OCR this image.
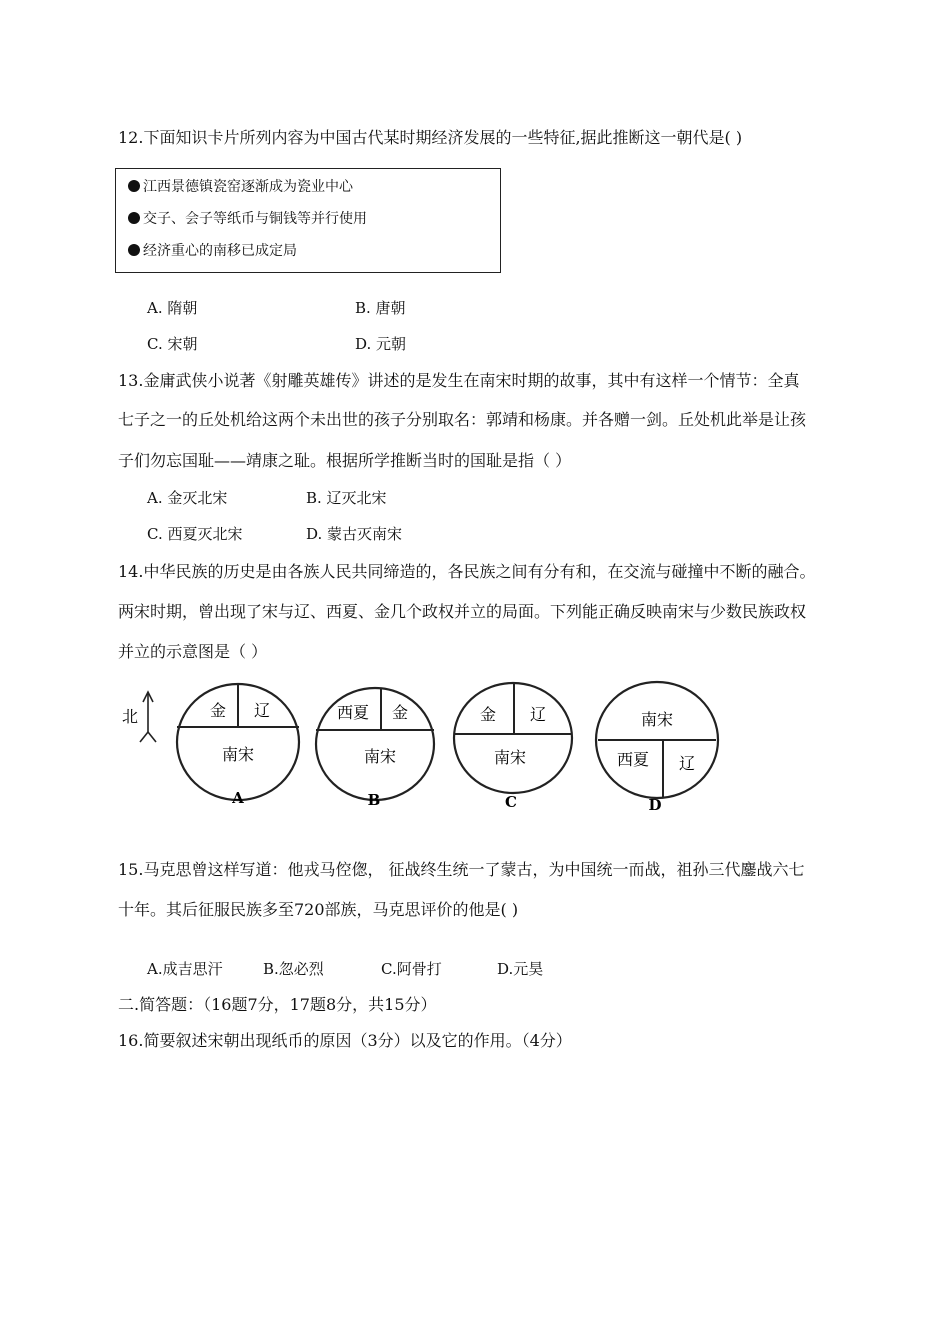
12.下面知识卡片所列内容为中国古代某时期经济发展的一些特征,据此推断这一朝代是( )
江西景德镇瓷窑逐渐成为瓷业中心
交子、会子等纸币与铜钱等并行使用
经济重心的南移已成定局
A. 隋朝	B. 唐朝
C. 宋朝	D. 元朝
13.金庸武侠小说著《射雕英雄传》讲述的是发生在南宋时期的故事，其中有这样一个情节：全真
七子之一的丘处机给这两个未出世的孩子分别取名：郭靖和杨康。并各赠一剑。丘处机此举是让孩
子们勿忘国耻——靖康之耻。根据所学推断当时的国耻是指（ ）
A. 金灭北宋	B. 辽灭北宋
C. 西夏灭北宋	D. 蒙古灭南宋
14.中华民族的历史是由各族人民共同缔造的，各民族之间有分有和，在交流与碰撞中不断的融合。
两宋时期，曾出现了宋与辽、西夏、金几个政权并立的局面。下列能正确反映南宋与少数民族政权
并立的示意图是（ ）
北	金 辽
南宋
A
西夏 金
南宋
B
金 辽
南宋
C
南宋
西夏 辽
D
15.马克思曾这样写道：他戎马倥偬， 征战终生统一了蒙古，为中国统一而战，祖孙三代鏖战六七
十年。其后征服民族多至720部族，马克思评价的他是( )
A.成吉思汗	B.忽必烈	C.阿骨打	D.元昊
二.简答题：（16题7分，17题8分，共15分）
16.简要叙述宋朝出现纸币的原因（3分）以及它的作用。（4分）
